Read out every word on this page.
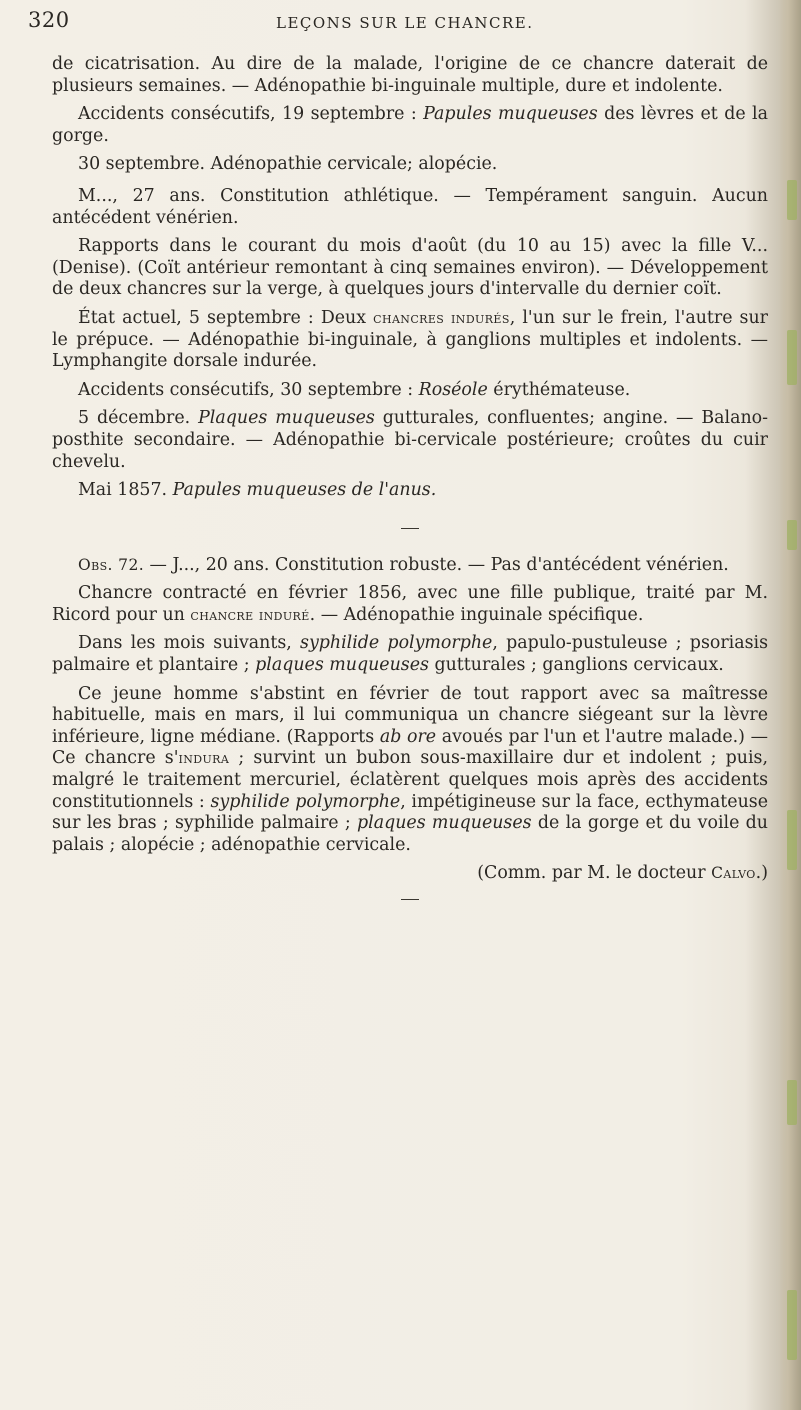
320	LEÇONS SUR LE CHANCRE.

de cicatrisation. Au dire de la malade, l'origine de ce chancre daterait de plusieurs semaines. — Adénopathie bi-inguinale multiple, dure et indolente.

Accidents consécutifs, 19 septembre : Papules muqueuses des lèvres et de la gorge.

30 septembre. Adénopathie cervicale; alopécie.

M..., 27 ans. Constitution athlétique. — Tempérament sanguin. Aucun antécédent vénérien.

Rapports dans le courant du mois d'août (du 10 au 15) avec la fille V... (Denise). (Coït antérieur remontant à cinq semaines environ). — Développement de deux chancres sur la verge, à quelques jours d'intervalle du dernier coït.

État actuel, 5 septembre : Deux chancres indurés, l'un sur le frein, l'autre sur le prépuce. — Adénopathie bi-inguinale, à ganglions multiples et indolents. — Lymphangite dorsale indurée.

Accidents consécutifs, 30 septembre : Roséole érythémateuse.

5 décembre. Plaques muqueuses gutturales, confluentes; angine. — Balano-posthite secondaire. — Adénopathie bi-cervicale postérieure; croûtes du cuir chevelu.

Mai 1857. Papules muqueuses de l'anus.

Obs. 72. — J..., 20 ans. Constitution robuste. — Pas d'antécédent vénérien.

Chancre contracté en février 1856, avec une fille publique, traité par M. Ricord pour un chancre induré. — Adénopathie inguinale spécifique.

Dans les mois suivants, syphilide polymorphe, papulo-pustuleuse ; psoriasis palmaire et plantaire ; plaques muqueuses gutturales ; ganglions cervicaux.

Ce jeune homme s'abstint en février de tout rapport avec sa maîtresse habituelle, mais en mars, il lui communiqua un chancre siégeant sur la lèvre inférieure, ligne médiane. (Rapports ab ore avoués par l'un et l'autre malade.) — Ce chancre s'indura ; survint un bubon sous-maxillaire dur et indolent ; puis, malgré le traitement mercuriel, éclatèrent quelques mois après des accidents constitutionnels : syphilide polymorphe, impétigineuse sur la face, ecthymateuse sur les bras ; syphilide palmaire ; plaques muqueuses de la gorge et du voile du palais ; alopécie ; adénopathie cervicale.

(Comm. par M. le docteur Calvo.)
